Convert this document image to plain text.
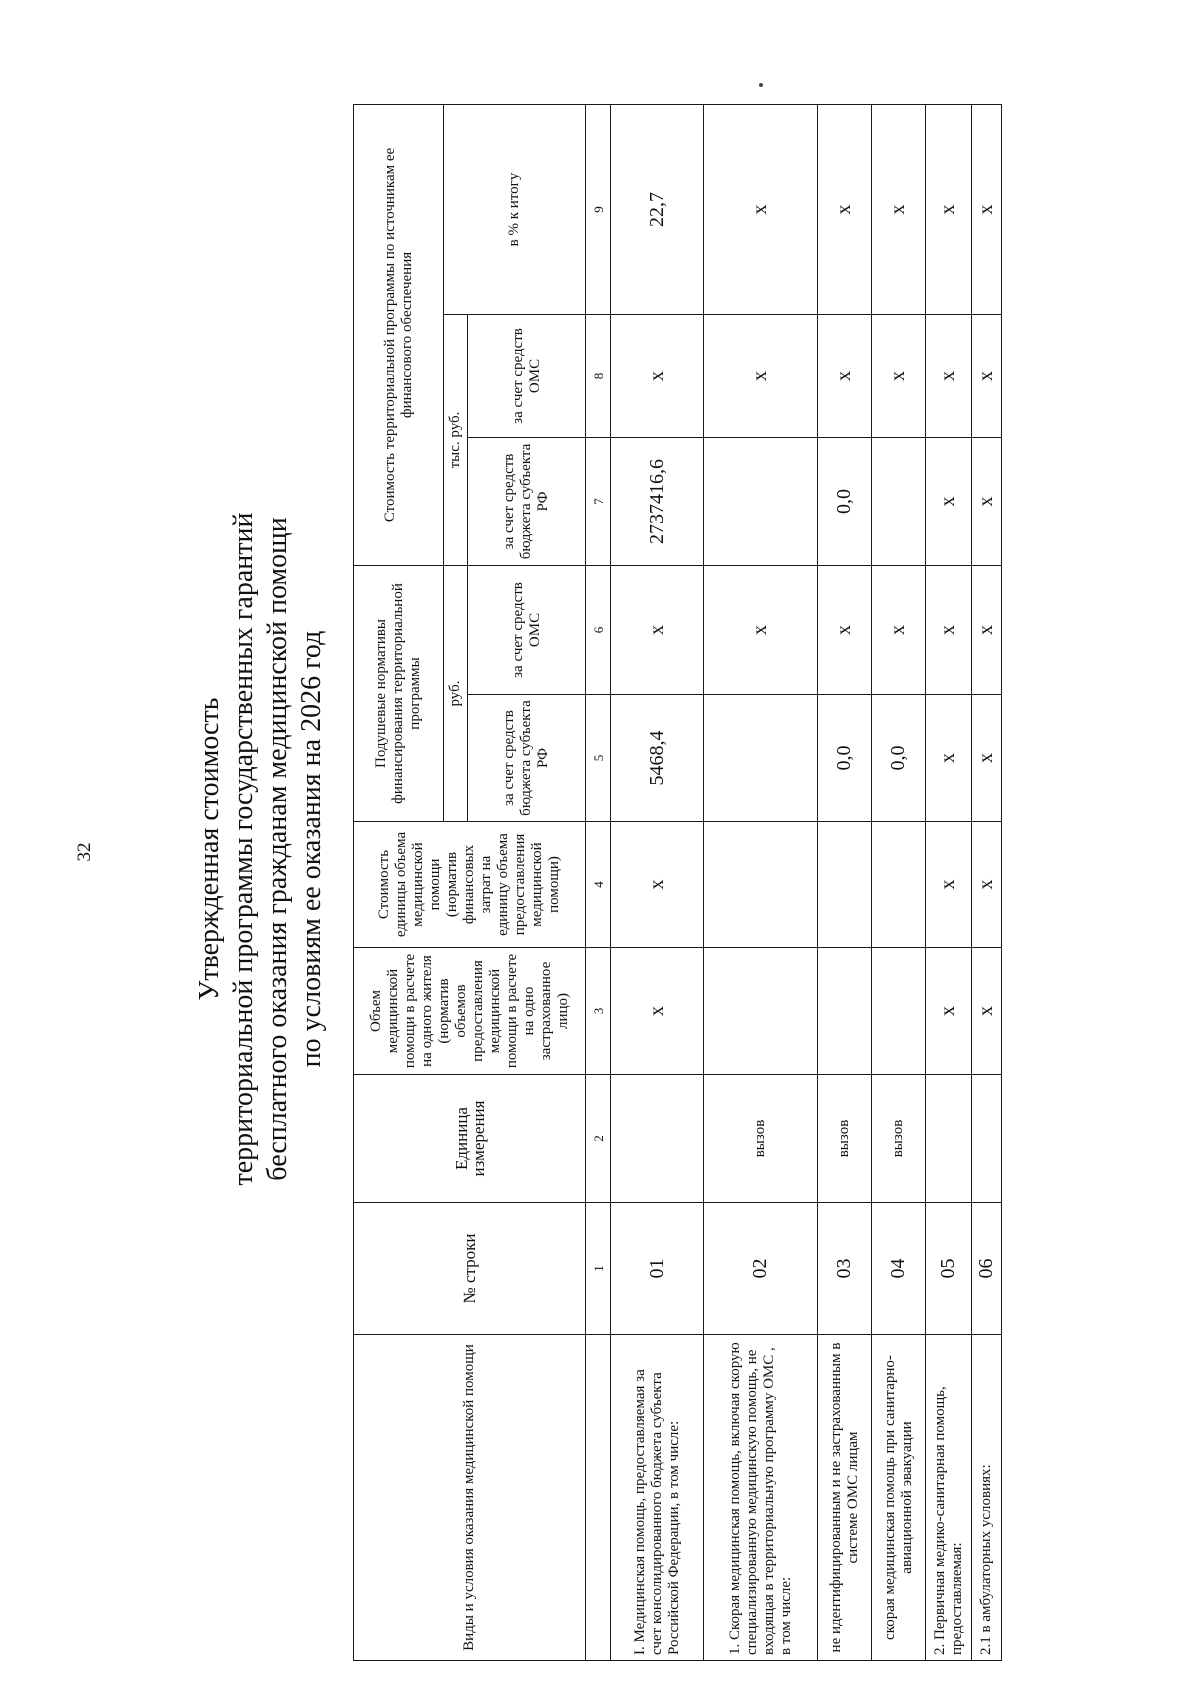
32	Утвержденная стоимость территориальной программы государственных гарантий бесплатного оказания гражданам медицинской помощи по условиям ее оказания на 2026 год
Виды и условия оказания медицинской помощи	№ строки	Единица измерения	Объем медицинской помощи в расчете на одного жителя (норматив объемов предоставления медицинской помощи в расчете на одно застрахованное лицо)	Стоимость единицы объема медицинской помощи (норматив финансовых затрат на единицу объема предоставления медицинской помощи)	Подушевые нормативы финансирования территориальной программы		Стоимость территориальной программы по источникам ее финансового обеспечения		
					руб.		тыс. руб.		в % к итогу
					за счет средств бюджета субъекта РФ	за счет средств ОМС	за счет средств бюджета субъекта РФ	за счет средств ОМС	
	1	2	3	4	5	6	7	8	9
I. Медицинская помощь, предоставляемая за счет консолидированного бюджета субъекта Российской Федерации, в том числе:	01		х	х	5468,4	х	2737416,6	х	22,7
1. Скорая медицинская помощь, включая скорую специализированную медицинскую помощь, не входящая в территориальную программу ОМС , в том числе:	02	вызов				х		х	х
не идентифицированным и не застрахованным в системе ОМС лицам	03	вызов			0,0	х	0,0	х	х
скорая медицинская помощь при санитарно-авиационной эвакуации	04	вызов			0,0	х		х	х
2. Первичная медико-санитарная помощь, предоставляемая:	05		х	х	х	х	х	х	х
2.1 в амбулаторных условиях:	06		х	х	х	х	х	х	х
